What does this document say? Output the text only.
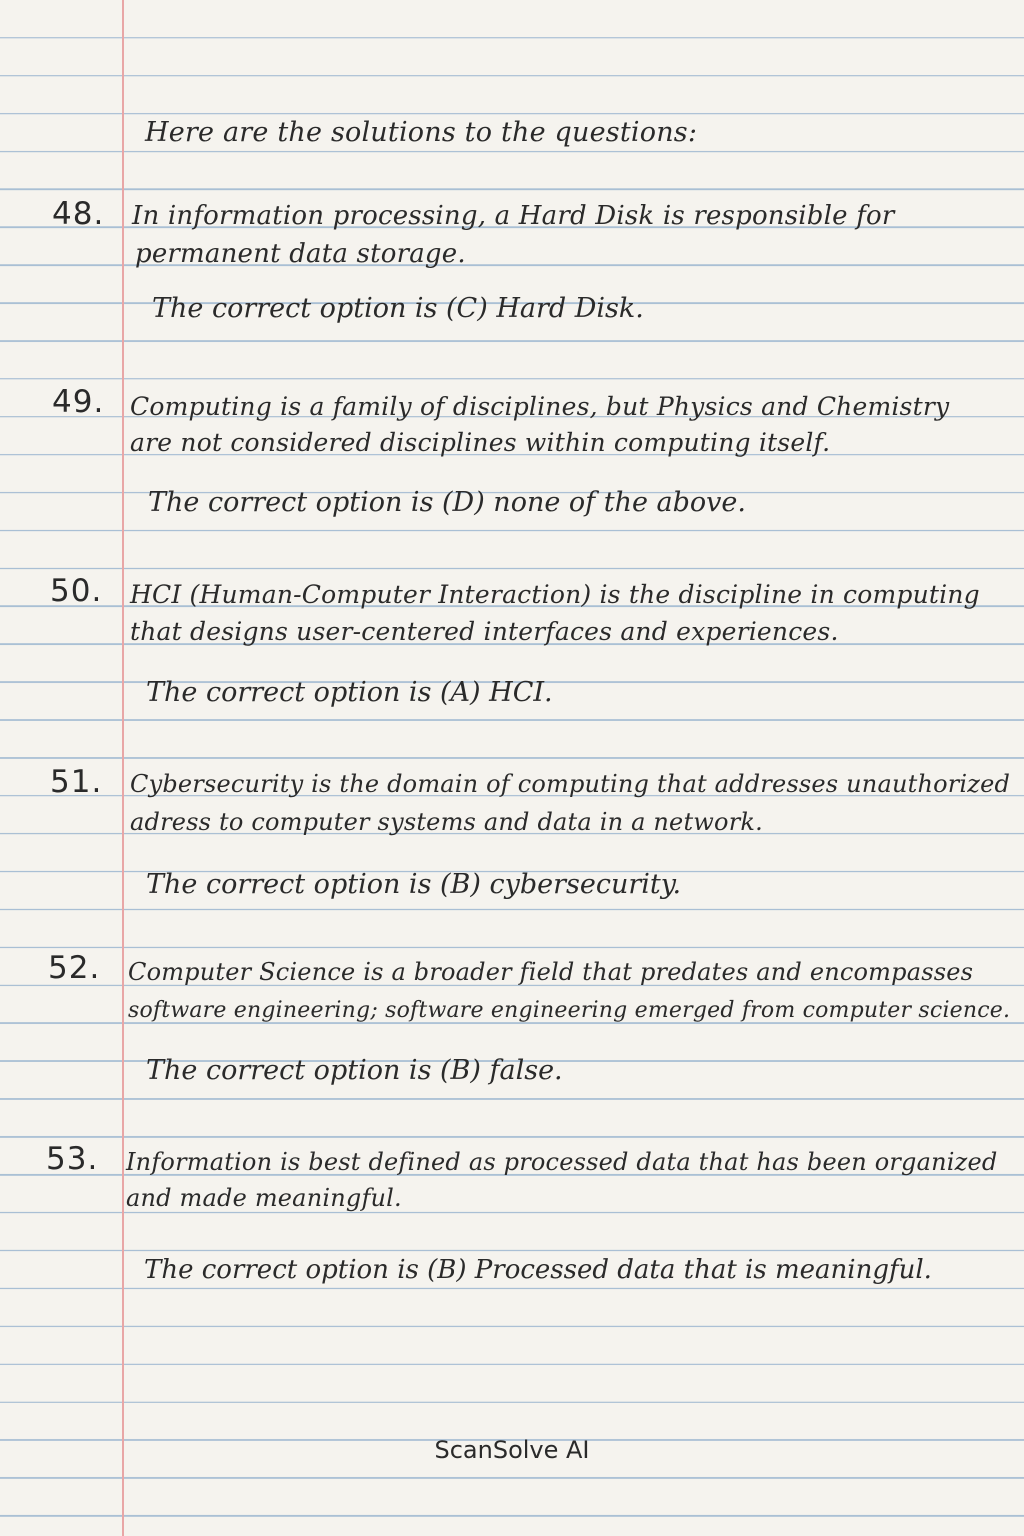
Here are the solutions to the questions:
48. In information processing, a Hard Disk is responsible for
permanent data storage.
The correct option is (C) Hard Disk.
49. Computing is a family of disciplines, but Physics and Chemistry
are not considered disciplines within computing itself.
The correct option is (D) none of the above.
50. HCI (Human-Computer Interaction) is the discipline in computing
that designs user-centered interfaces and experiences.
The correct option is (A) HCI.
51. Cybersecurity is the domain of computing that addresses unauthorized
adress to computer systems and data in a network.
The correct option is (B) cybersecurity.
52. Computer Science is a broader field that predates and encompasses
software engineering; software engineering emerged from computer science.
The correct option is (B) false.
53. Information is best defined as processed data that has been organized
and made meaningful.
The correct option is (B) Processed data that is meaningful.
ScanSolve AI
